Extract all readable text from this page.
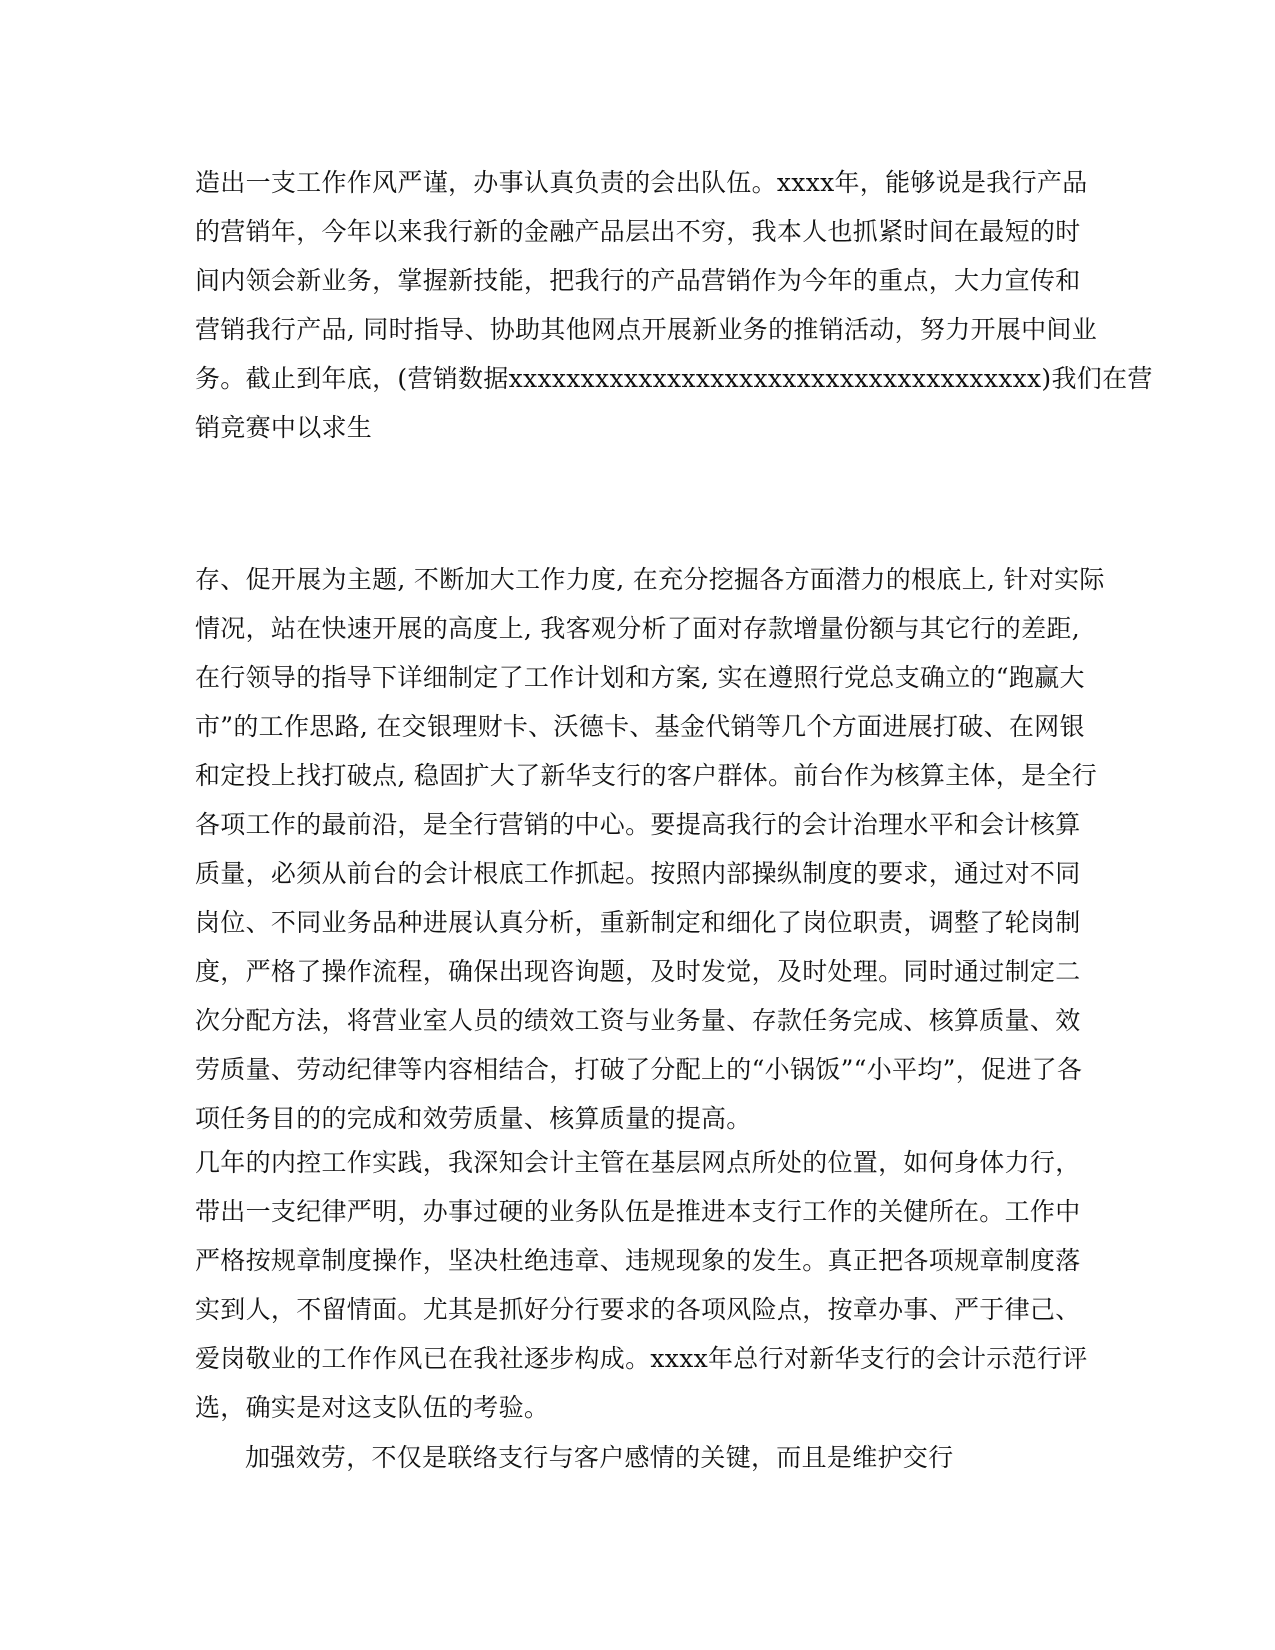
造出一支工作作风严谨，办事认真负责的会出队伍。xxxx年，能够说是我行产品
的营销年，今年以来我行新的金融产品层出不穷，我本人也抓紧时间在最短的时
间内领会新业务，掌握新技能，把我行的产品营销作为今年的重点，大力宣传和
营销我行产品, 同时指导、协助其他网点开展新业务的推销活动，努力开展中间业
务。截止到年底，(营销数据xxxxxxxxxxxxxxxxxxxxxxxxxxxxxxxxxxxxx)我们在营
销竞赛中以求生
存、促开展为主题, 不断加大工作力度, 在充分挖掘各方面潜力的根底上, 针对实际
情况，站在快速开展的高度上, 我客观分析了面对存款增量份额与其它行的差距,
在行领导的指导下详细制定了工作计划和方案, 实在遵照行党总支确立的“跑赢大
市”的工作思路, 在交银理财卡、沃德卡、基金代销等几个方面进展打破、在网银
和定投上找打破点, 稳固扩大了新华支行的客户群体。前台作为核算主体，是全行
各项工作的最前沿，是全行营销的中心。要提高我行的会计治理水平和会计核算
质量，必须从前台的会计根底工作抓起。按照内部操纵制度的要求，通过对不同
岗位、不同业务品种进展认真分析，重新制定和细化了岗位职责，调整了轮岗制
度，严格了操作流程，确保出现咨询题，及时发觉，及时处理。同时通过制定二
次分配方法，将营业室人员的绩效工资与业务量、存款任务完成、核算质量、效
劳质量、劳动纪律等内容相结合，打破了分配上的“小锅饭”“小平均”，促进了各
项任务目的的完成和效劳质量、核算质量的提高。
几年的内控工作实践，我深知会计主管在基层网点所处的位置，如何身体力行，
带出一支纪律严明，办事过硬的业务队伍是推进本支行工作的关健所在。工作中
严格按规章制度操作，坚决杜绝违章、违规现象的发生。真正把各项规章制度落
实到人，不留情面。尤其是抓好分行要求的各项风险点，按章办事、严于律己、
爱岗敬业的工作作风已在我社逐步构成。xxxx年总行对新华支行的会计示范行评
选，确实是对这支队伍的考验。
加强效劳，不仅是联络支行与客户感情的关键，而且是维护交行
